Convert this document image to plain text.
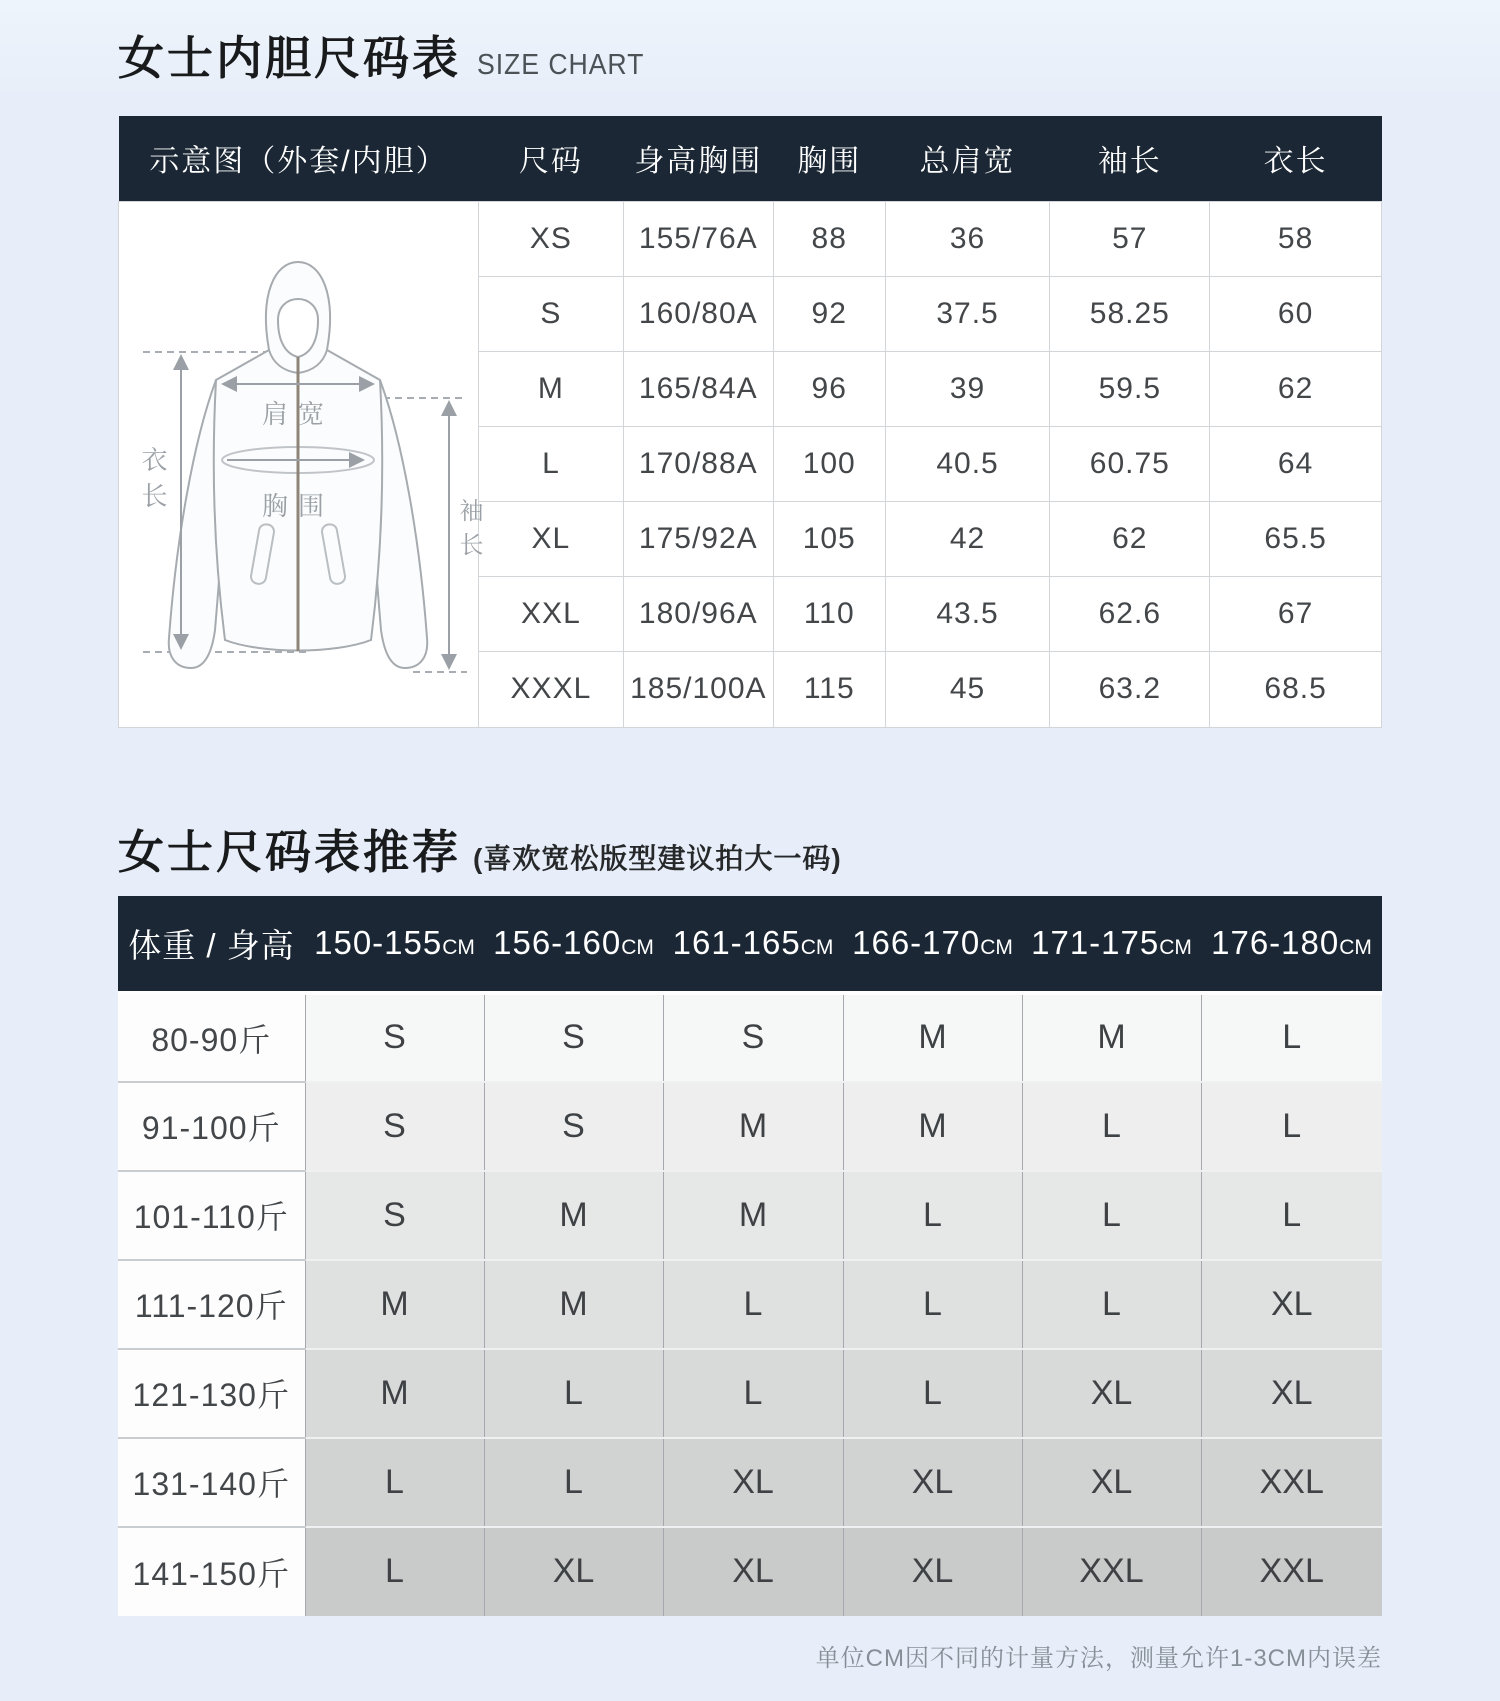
女士内胆尺码表 SIZE CHART
示意图（外套/内胆）	尺码	身高胸围	胸围	总肩宽	袖长	衣长

肩宽
胸围
衣长
袖长	XS	155/76A	88	36	57	58
	S	160/80A	92	37.5	58.25	60
	M	165/84A	96	39	59.5	62
	L	170/88A	100	40.5	60.75	64
	XL	175/92A	105	42	62	65.5
	XXL	180/96A	110	43.5	62.6	67
	XXXL	185/100A	115	45	63.2	68.5
女士尺码表推荐 (喜欢宽松版型建议拍大一码)
体重 / 身高	150-155CM	156-160CM	161-165CM	166-170CM	171-175CM	176-180CM
80-90斤	S	S	S	M	M	L
91-100斤	S	S	M	M	L	L
101-110斤	S	M	M	L	L	L
111-120斤	M	M	L	L	L	XL
121-130斤	M	L	L	L	XL	XL
131-140斤	L	L	XL	XL	XL	XXL
141-150斤	L	XL	XL	XL	XXL	XXL
单位CM因不同的计量方法，测量允许1-3CM内误差
